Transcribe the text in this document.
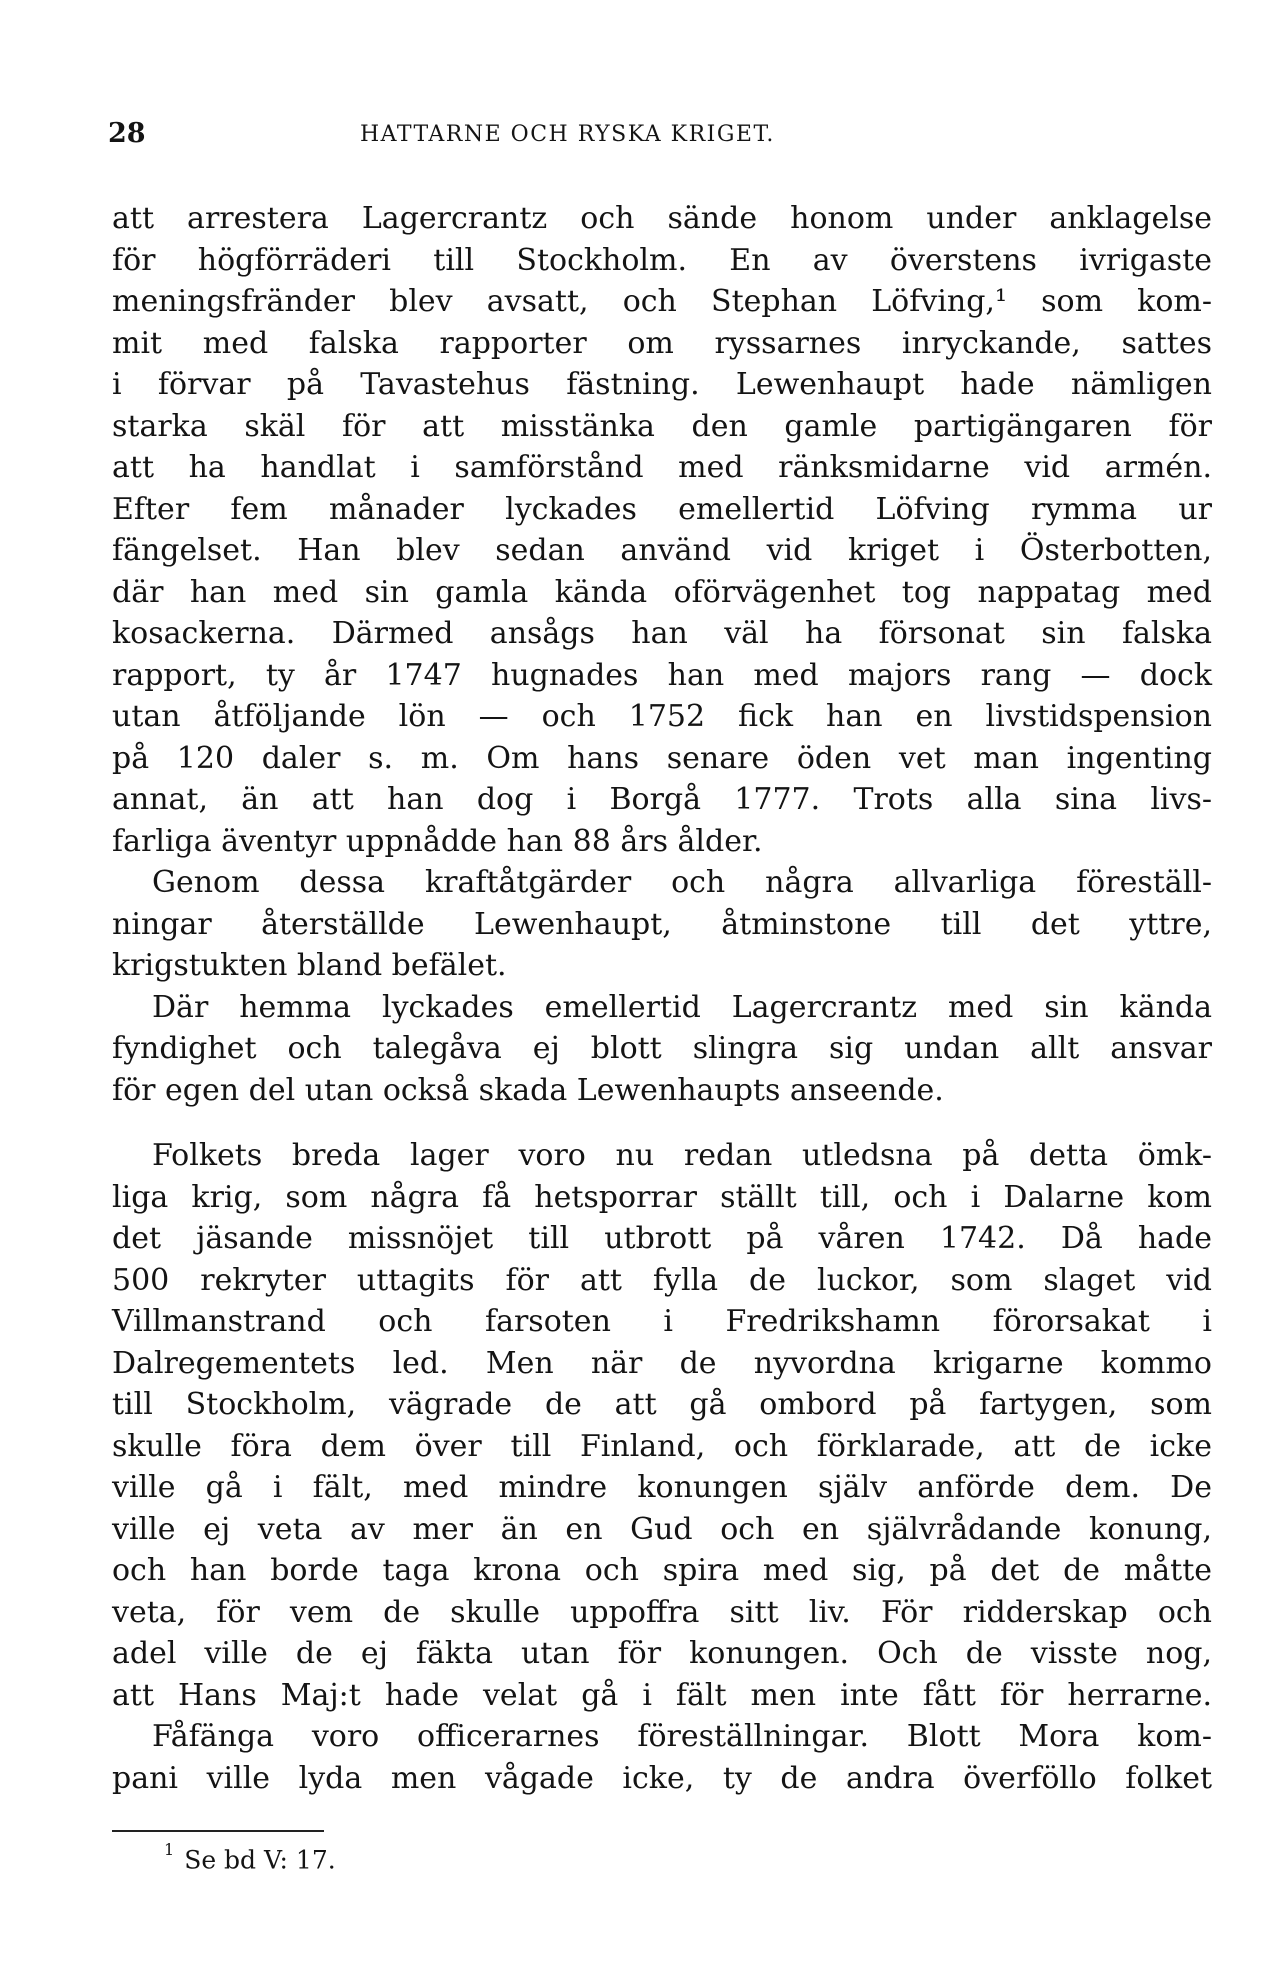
28	HATTARNE OCH RYSKA KRIGET.
att arrestera Lagercrantz och sände honom under anklagelse
för högförräderi till Stockholm. En av överstens ivrigaste
meningsfränder blev avsatt, och Stephan Löfving,¹ som kom-
mit med falska rapporter om ryssarnes inryckande, sattes
i förvar på Tavastehus fästning. Lewenhaupt hade nämligen
starka skäl för att misstänka den gamle partigängaren för
att ha handlat i samförstånd med ränksmidarne vid armén.
Efter fem månader lyckades emellertid Löfving rymma ur
fängelset. Han blev sedan använd vid kriget i Österbotten,
där han med sin gamla kända oförvägenhet tog nappatag med
kosackerna. Därmed ansågs han väl ha försonat sin falska
rapport, ty år 1747 hugnades han med majors rang — dock
utan åtföljande lön — och 1752 fick han en livstidspension
på 120 daler s. m. Om hans senare öden vet man ingenting
annat, än att han dog i Borgå 1777. Trots alla sina livs-
farliga äventyr uppnådde han 88 års ålder.
Genom dessa kraftåtgärder och några allvarliga föreställ-
ningar återställde Lewenhaupt, åtminstone till det yttre,
krigstukten bland befälet.
Där hemma lyckades emellertid Lagercrantz med sin kända
fyndighet och talegåva ej blott slingra sig undan allt ansvar
för egen del utan också skada Lewenhaupts anseende.
Folkets breda lager voro nu redan utledsna på detta ömk-
liga krig, som några få hetsporrar ställt till, och i Dalarne kom
det jäsande missnöjet till utbrott på våren 1742. Då hade
500 rekryter uttagits för att fylla de luckor, som slaget vid
Villmanstrand och farsoten i Fredrikshamn förorsakat i
Dalregementets led. Men när de nyvordna krigarne kommo
till Stockholm, vägrade de att gå ombord på fartygen, som
skulle föra dem över till Finland, och förklarade, att de icke
ville gå i fält, med mindre konungen själv anförde dem. De
ville ej veta av mer än en Gud och en självrådande konung,
och han borde taga krona och spira med sig, på det de måtte
veta, för vem de skulle uppoffra sitt liv. För ridderskap och
adel ville de ej fäkta utan för konungen. Och de visste nog,
att Hans Maj:t hade velat gå i fält men inte fått för herrarne.
Fåfänga voro officerarnes föreställningar. Blott Mora kom-
pani ville lyda men vågade icke, ty de andra överföllo folket
$^1$ Se bd V: 17.
